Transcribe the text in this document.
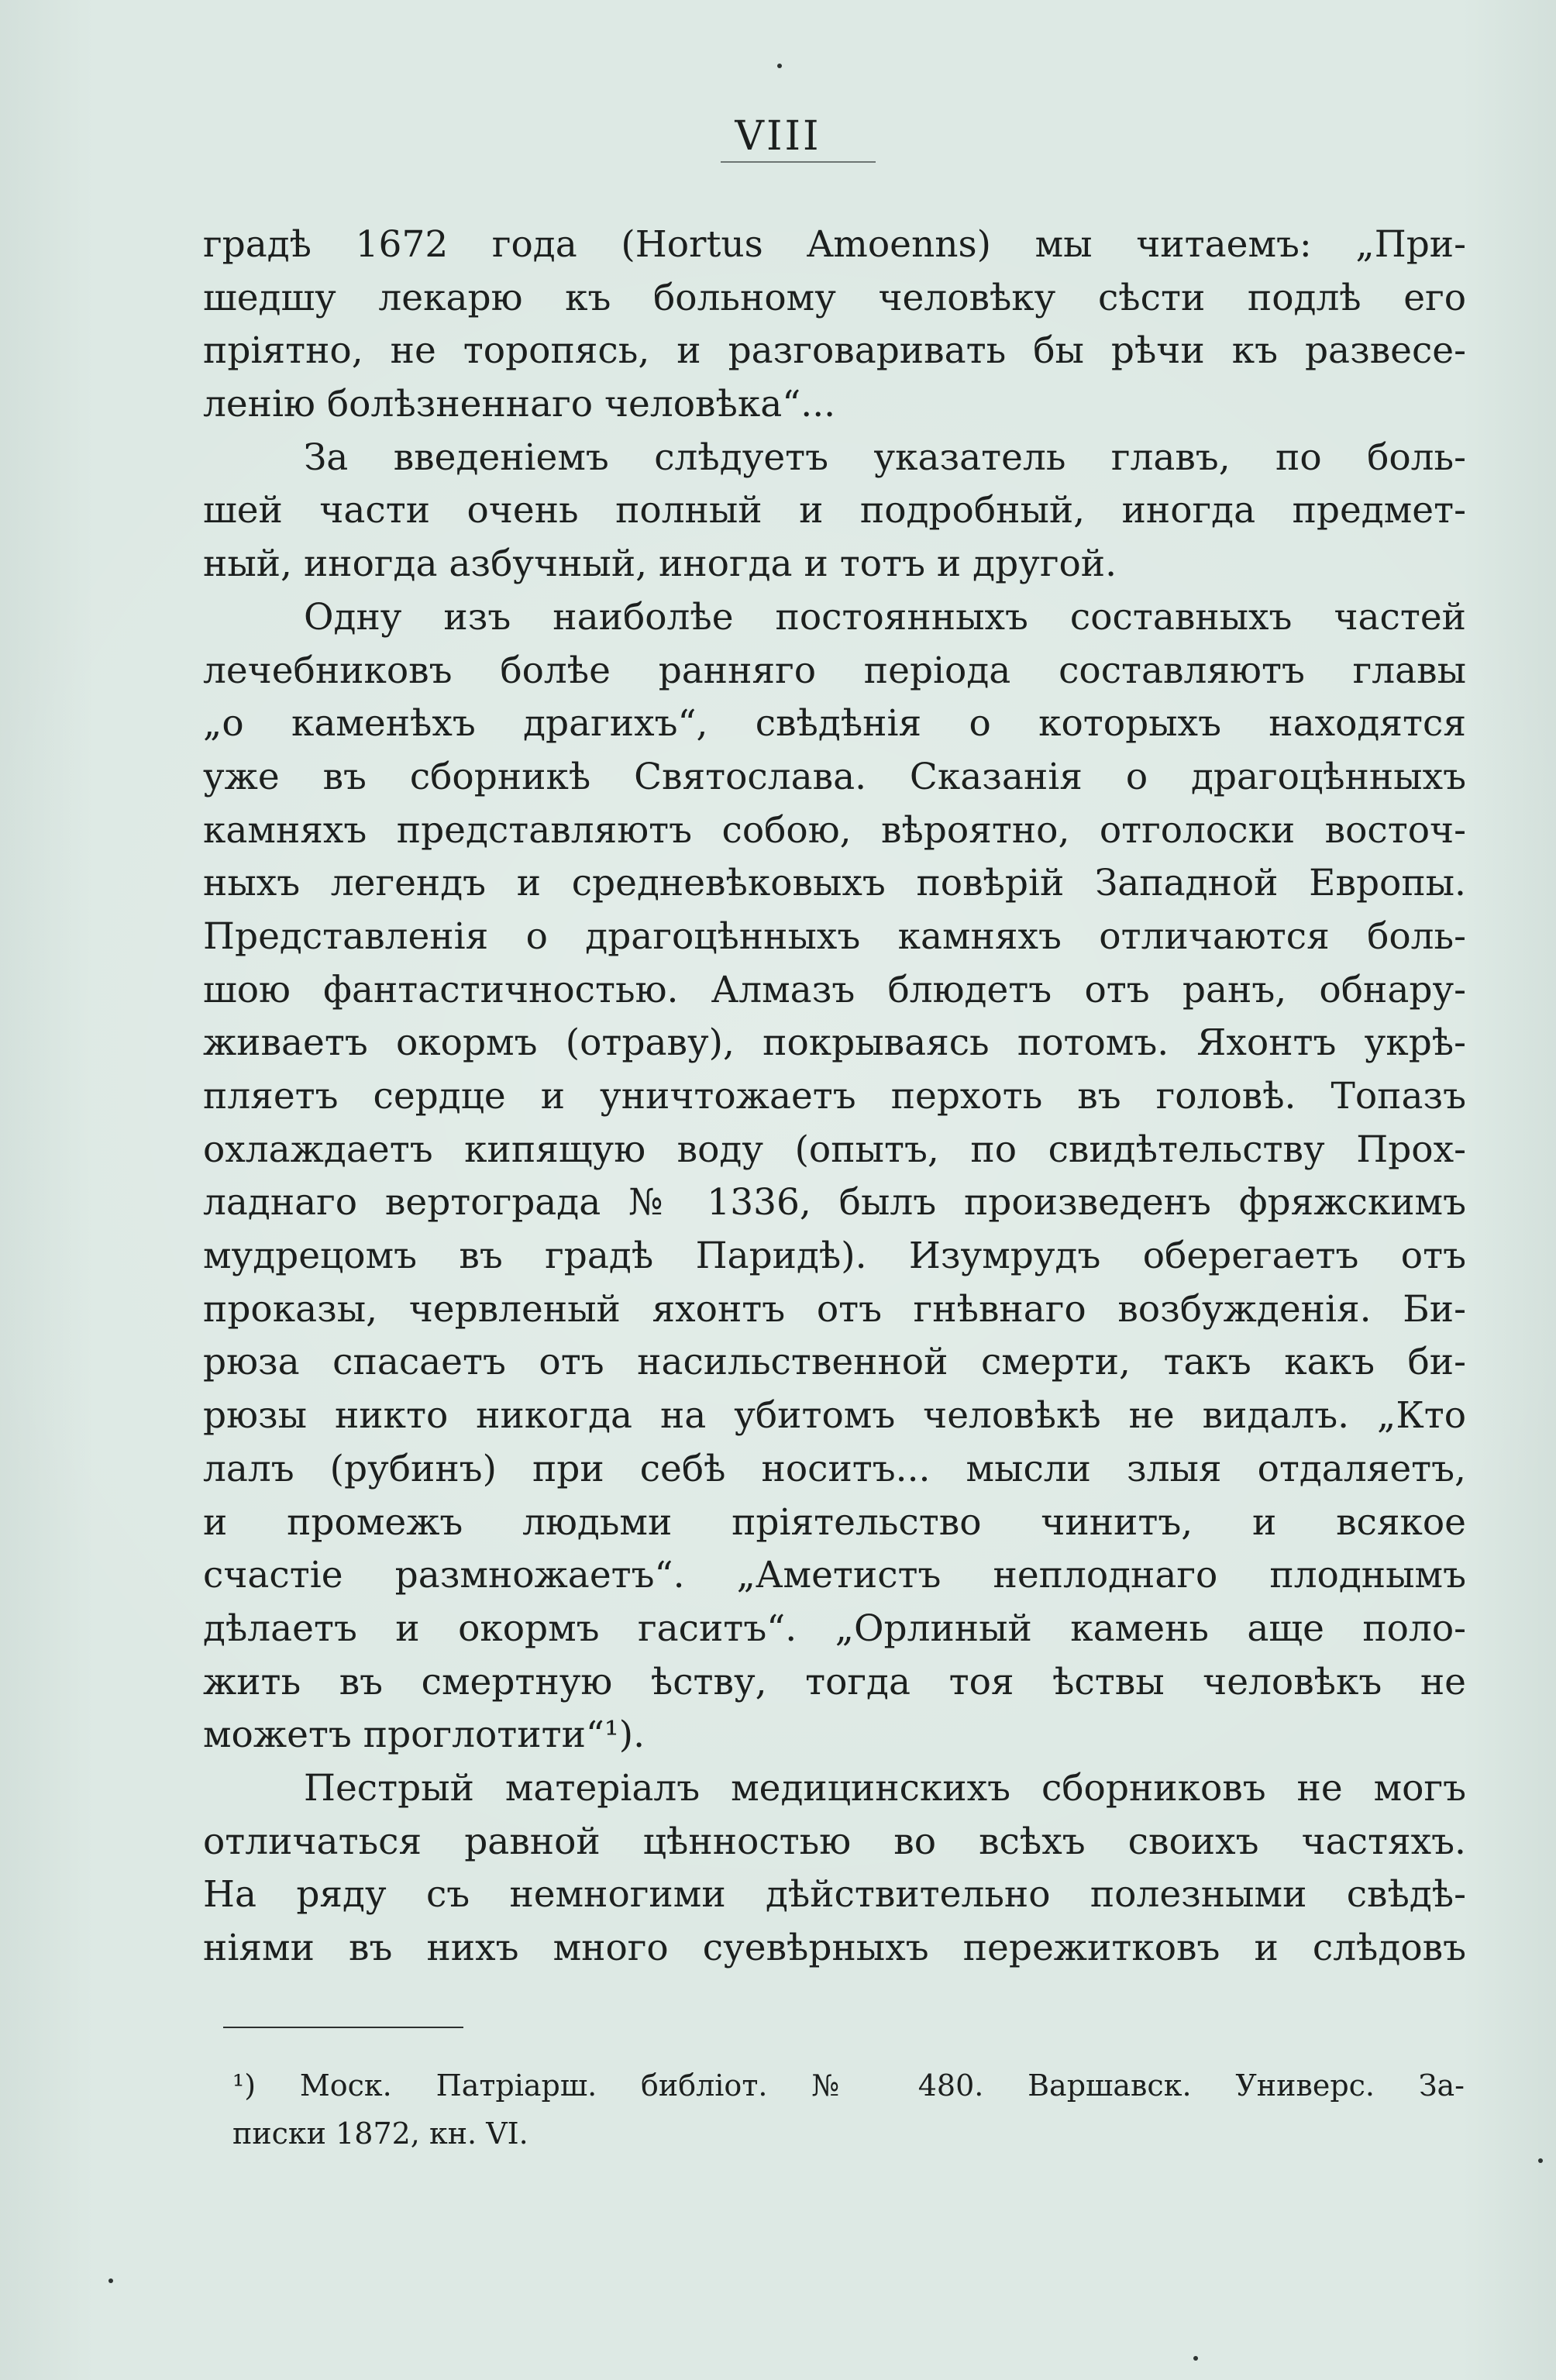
VIII
градѣ 1672 года (Hortus Amoenns) мы читаемъ: „При-
шедшу лекарю къ больному человѣку сѣсти подлѣ его
пріятно, не торопясь, и разговаривать бы рѣчи къ развесе-
ленію болѣзненнаго человѣка“...
За введеніемъ слѣдуетъ указатель главъ, по боль-
шей части очень полный и подробный, иногда предмет-
ный, иногда азбучный, иногда и тотъ и другой.
Одну изъ наиболѣе постоянныхъ составныхъ частей
лечебниковъ болѣе ранняго періода составляютъ главы
„о каменѣхъ драгихъ“, свѣдѣнія о которыхъ находятся
уже въ сборникѣ Святослава. Сказанія о драгоцѣнныхъ
камняхъ представляютъ собою, вѣроятно, отголоски восточ-
ныхъ легендъ и средневѣковыхъ повѣрій Западной Европы.
Представленія о драгоцѣнныхъ камняхъ отличаются боль-
шою фантастичностью. Алмазъ блюдетъ отъ ранъ, обнару-
живаетъ окормъ (отраву), покрываясь потомъ. Яхонтъ укрѣ-
пляетъ сердце и уничтожаетъ перхоть въ головѣ. Топазъ
охлаждаетъ кипящую воду (опытъ, по свидѣтельству Прох-
ладнаго вертограда № 1336, былъ произведенъ фряжскимъ
мудрецомъ въ градѣ Паридѣ). Изумрудъ оберегаетъ отъ
проказы, червленый яхонтъ отъ гнѣвнаго возбужденія. Би-
рюза спасаетъ отъ насильственной смерти, такъ какъ би-
рюзы никто никогда на убитомъ человѣкѣ не видалъ. „Кто
лалъ (рубинъ) при себѣ носитъ... мысли злыя отдаляетъ,
и промежъ людьми пріятельство чинитъ, и всякое
счастіе размножаетъ“. „Аметистъ неплоднаго плоднымъ
дѣлаетъ и окормъ гаситъ“. „Орлиный камень аще поло-
жить въ смертную ѣству, тогда тоя ѣствы человѣкъ не
можетъ проглотити“¹).
Пестрый матеріалъ медицинскихъ сборниковъ не могъ
отличаться равной цѣнностью во всѣхъ своихъ частяхъ.
На ряду съ немногими дѣйствительно полезными свѣдѣ-
ніями въ нихъ много суевѣрныхъ пережитковъ и слѣдовъ
¹) Моск. Патріарш. библіот. № 480. Варшавск. Универс. За-
писки 1872, кн. VI.
